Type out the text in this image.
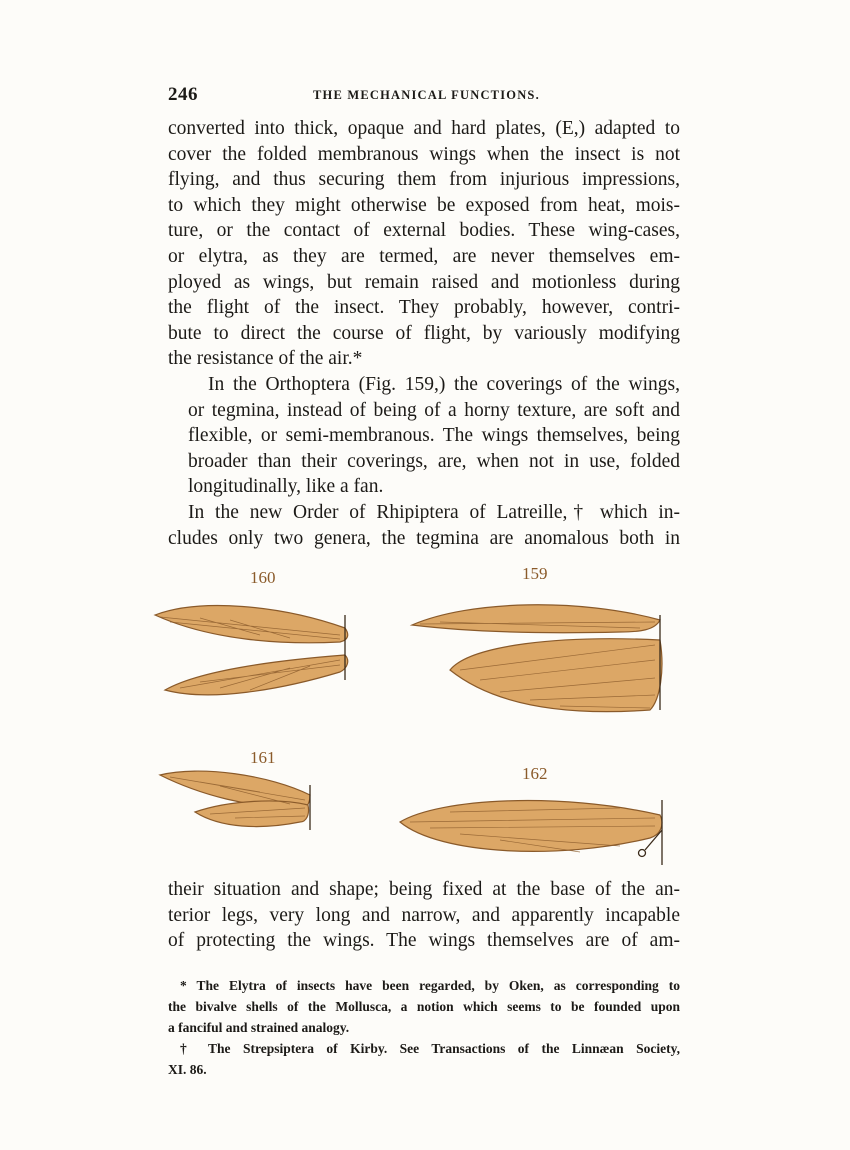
246	THE MECHANICAL FUNCTIONS.

converted into thick, opaque and hard plates, (E,) adapted to
cover the folded membranous wings when the insect is not
flying, and thus securing them from injurious impressions,
to which they might otherwise be exposed from heat, mois-
ture, or the contact of external bodies. These wing-cases,
or elytra, as they are termed, are never themselves em-
ployed as wings, but remain raised and motionless during
the flight of the insect. They probably, however, contri-
bute to direct the course of flight, by variously modifying
the resistance of the air.*

In the Orthoptera (Fig. 159,) the coverings of the wings,
or tegmina, instead of being of a horny texture, are soft and
flexible, or semi-membranous. The wings themselves, being
broader than their coverings, are, when not in use, folded
longitudinally, like a fan.

In the new Order of Rhipiptera of Latreille,† which in-
cludes only two genera, the tegmina are anomalous both in

160	159
161
162
their situation and shape; being fixed at the base of the an-
terior legs, very long and narrow, and apparently incapable
of protecting the wings. The wings themselves are of am-

* The Elytra of insects have been regarded, by Oken, as corresponding to
the bivalve shells of the Mollusca, a notion which seems to be founded upon
a fanciful and strained analogy.

† The Strepsiptera of Kirby. See Transactions of the Linnæan Society,
XI. 86.
